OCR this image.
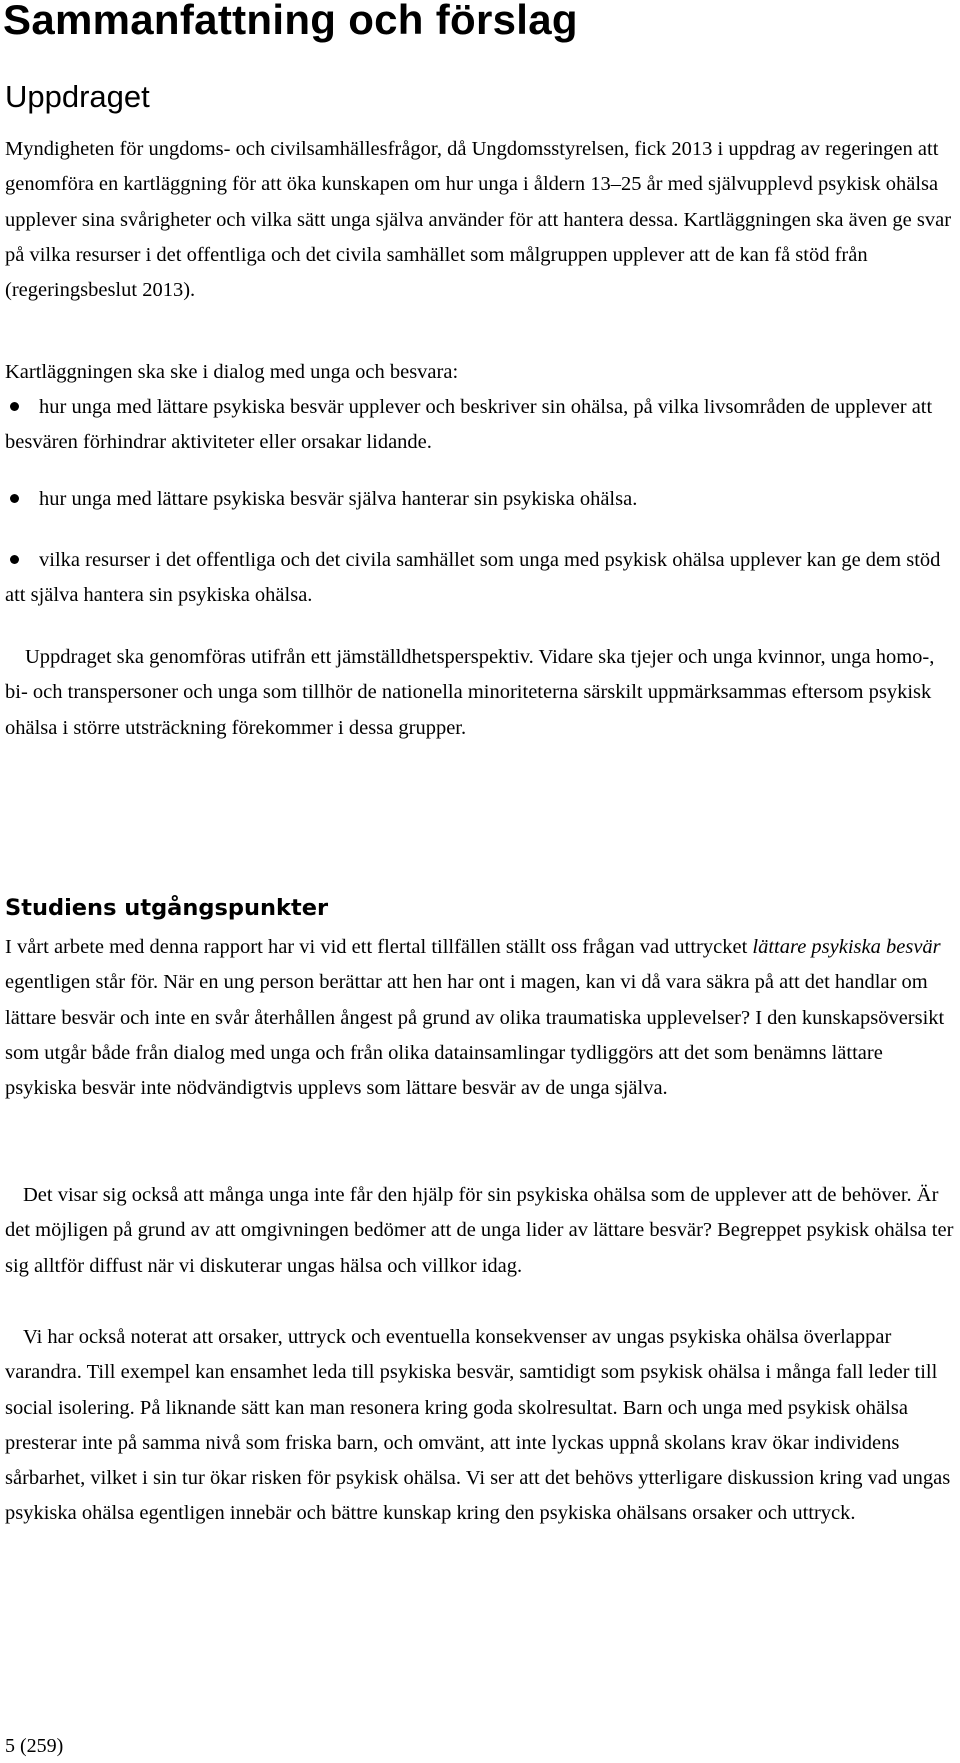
Sammanfattning och förslag
Uppdraget

Myndigheten för ungdoms- och civilsamhällesfrågor, då Ungdomsstyrelsen, fick 2013 i uppdrag av regeringen att genomföra en kartläggning för att öka kunskapen om hur unga i åldern 13–25 år med självupplevd psykisk ohälsa upplever sina svårigheter och vilka sätt unga själva använder för att hantera dessa. Kartläggningen ska även ge svar på vilka resurser i det offentliga och det civila samhället som målgruppen upplever att de kan få stöd från (regeringsbeslut 2013).

Kartläggningen ska ske i dialog med unga och besvara:

hur unga med lättare psykiska besvär upplever och beskriver sin ohälsa, på vilka livsområden de upplever att besvären förhindrar aktiviteter eller orsakar lidande.
hur unga med lättare psykiska besvär själva hanterar sin psykiska ohälsa.
vilka resurser i det offentliga och det civila samhället som unga med psykisk ohälsa upplever kan ge dem stöd att själva hantera sin psykiska ohälsa.

Uppdraget ska genomföras utifrån ett jämställdhetsperspektiv. Vidare ska tjejer och unga kvinnor, unga homo-, bi- och transpersoner och unga som tillhör de nationella minoriteterna särskilt uppmärksammas eftersom psykisk ohälsa i större utsträckning förekommer i dessa grupper.

Studiens utgångspunkter

I vårt arbete med denna rapport har vi vid ett flertal tillfällen ställt oss frågan vad uttrycket lättare psykiska besvär egentligen står för. När en ung person berättar att hen har ont i magen, kan vi då vara säkra på att det handlar om lättare besvär och inte en svår återhållen ångest på grund av olika traumatiska upplevelser? I den kunskapsöversikt som utgår både från dialog med unga och från olika datainsamlingar tydliggörs att det som benämns lättare psykiska besvär inte nödvändigtvis upplevs som lättare besvär av de unga själva.

Det visar sig också att många unga inte får den hjälp för sin psykiska ohälsa som de upplever att de behöver. Är det möjligen på grund av att omgivningen bedömer att de unga lider av lättare besvär? Begreppet psykisk ohälsa ter sig alltför diffust när vi diskuterar ungas hälsa och villkor idag.

Vi har också noterat att orsaker, uttryck och eventuella konsekvenser av ungas psykiska ohälsa överlappar varandra. Till exempel kan ensamhet leda till psykiska besvär, samtidigt som psykisk ohälsa i många fall leder till social isolering. På liknande sätt kan man resonera kring goda skolresultat. Barn och unga med psykisk ohälsa presterar inte på samma nivå som friska barn, och omvänt, att inte lyckas uppnå skolans krav ökar individens sårbarhet, vilket i sin tur ökar risken för psykisk ohälsa. Vi ser att det behövs ytterligare diskussion kring vad ungas psykiska ohälsa egentligen innebär och bättre kunskap kring den psykiska ohälsans orsaker och uttryck.

5 (259)
